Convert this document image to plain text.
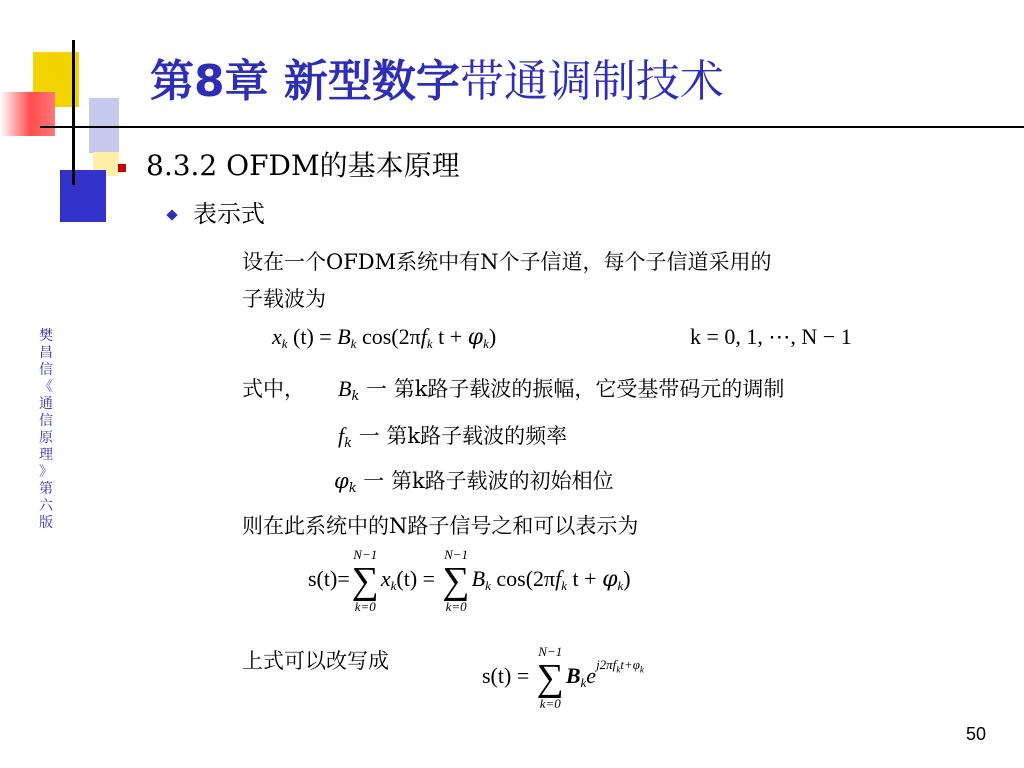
第8章 新型数字带通调制技术
樊
昌
信
《
通
信
原
理
》
第
六
版
8.3.2 OFDM的基本原理
表示式
设在一个OFDM系统中有N个子信道，每个子信道采用的
子载波为
$x_k$ $(t) = B_k$ $\cos(2\pi f_k$ $t + \varphi_k$)	k = 0, 1, ⋯, N − 1
式中， $B_k$ 一 第k路子载波的振幅，它受基带码元的调制
$f_k$ 一 第k路子载波的频率
$\varphi_k$ 一 第k路子载波的初始相位
则在此系统中的N路子信号之和可以表示为
s(t)=
N−1
∑
k=0
$x_k(t)$ =
N−1
∑
k=0
$B_k$ $\cos(2\pi f_k$ $t + \varphi_k$)
上式可以改写成
s(t) =
N−1
∑
k=0
$B_ke^{j2\pi f_kt+\varphi_k}$
50
